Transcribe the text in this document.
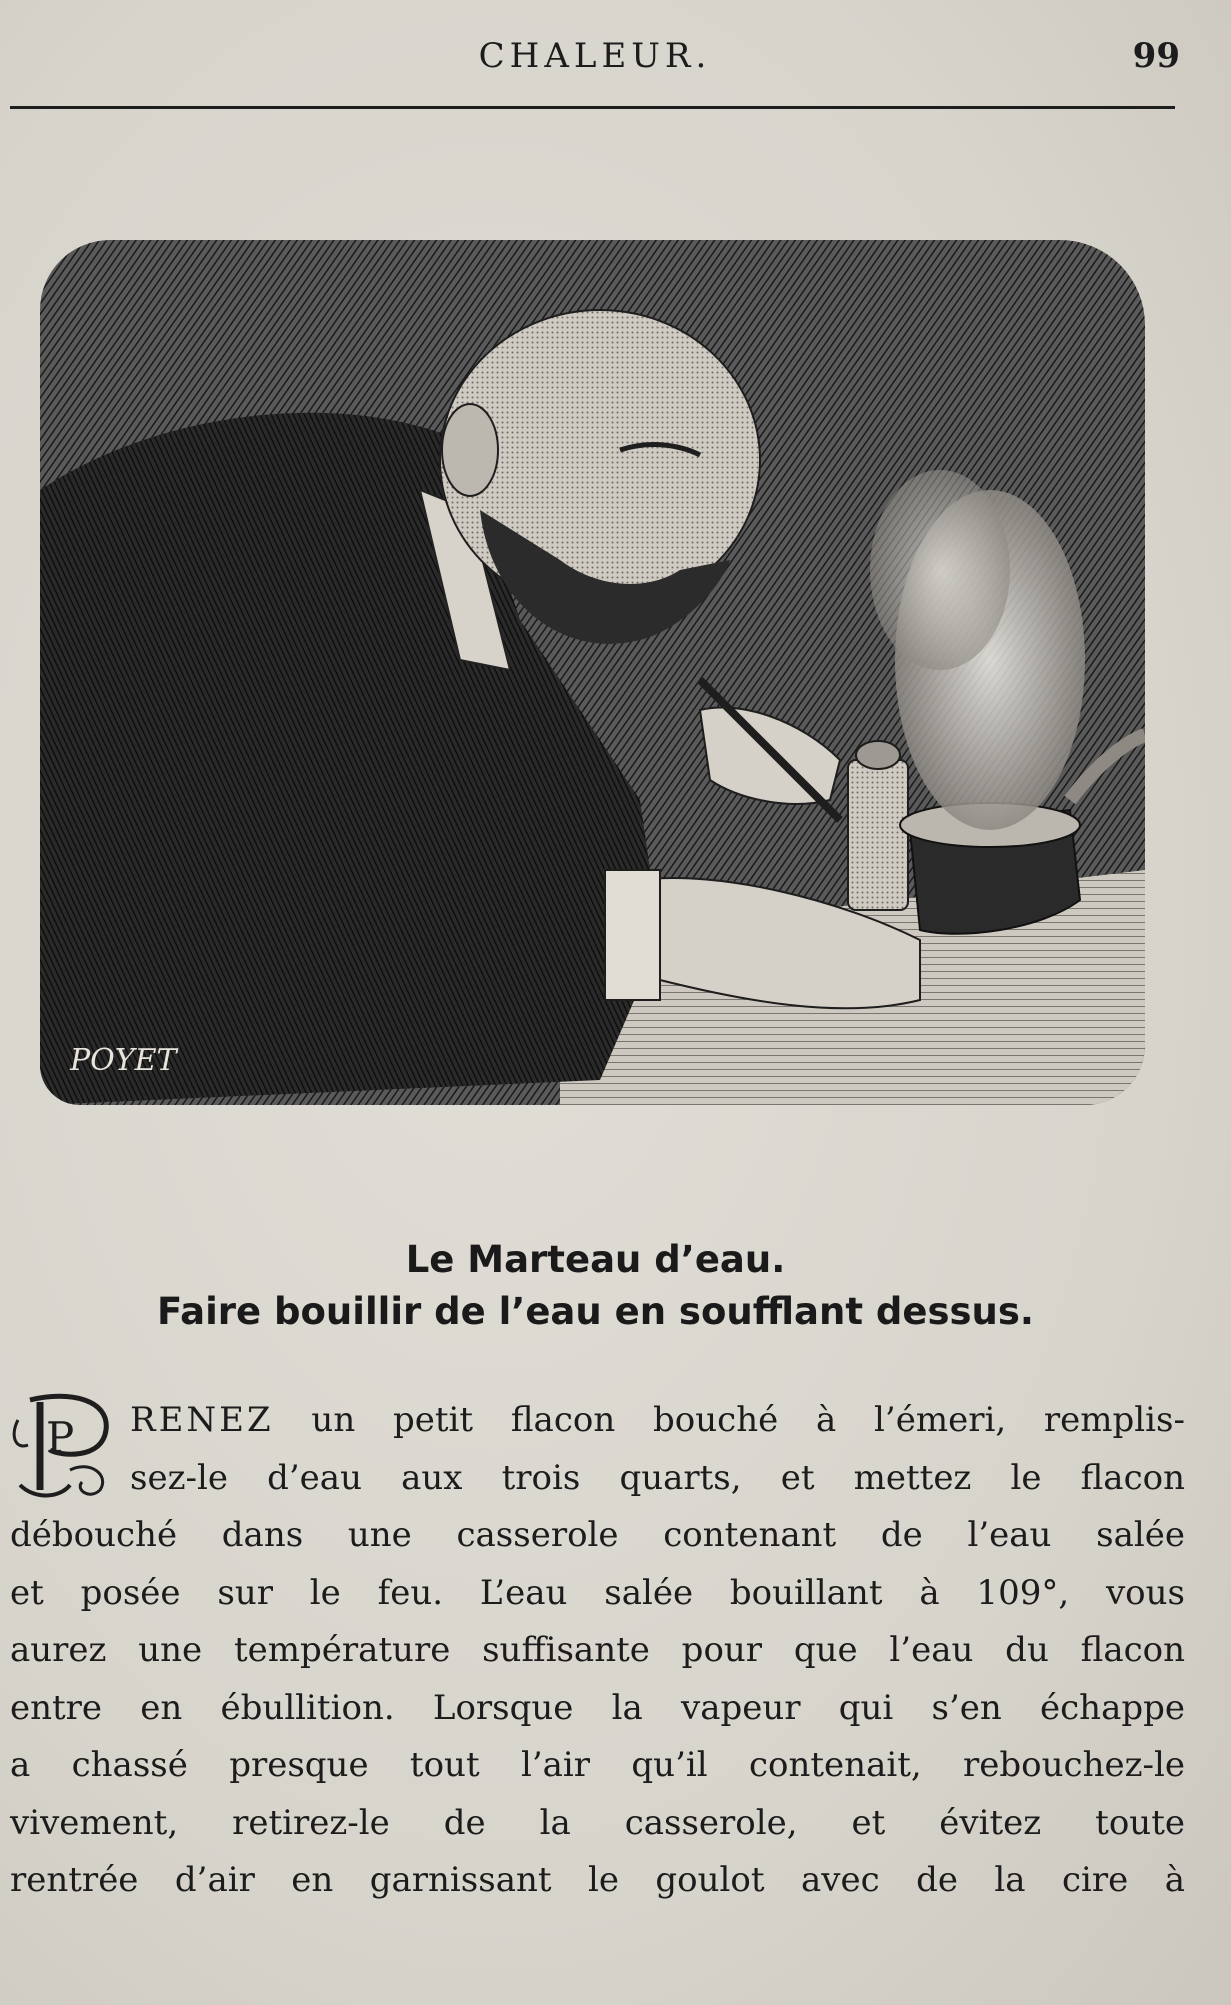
CHALEUR.	99
POYET
Le Marteau d’eau.
Faire bouillir de l’eau en soufflant dessus.
P	RENEZ un petit flacon bouché à l’émeri, remplis-
sez-le d’eau aux trois quarts, et mettez le flacon
débouché dans une casserole contenant de l’eau salée
et posée sur le feu. L’eau salée bouillant à 109°, vous
aurez une température suffisante pour que l’eau du flacon
entre en ébullition. Lorsque la vapeur qui s’en échappe
a chassé presque tout l’air qu’il contenait, rebouchez-le
vivement, retirez-le de la casserole, et évitez toute
rentrée d’air en garnissant le goulot avec de la cire à
